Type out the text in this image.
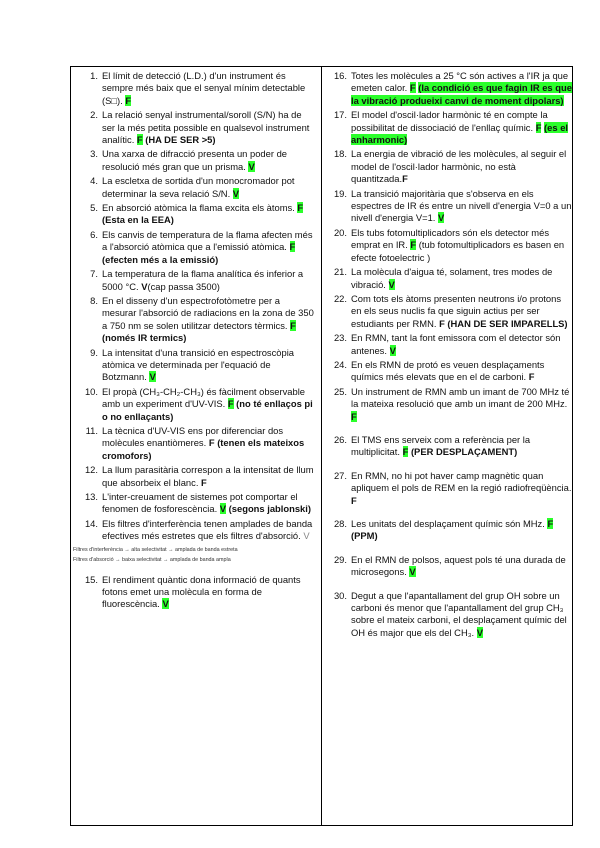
1. El límit de detecció (L.D.) d'un instrument és sempre més baix que el senyal mínim detectable (S□). F
2. La relació senyal instrumental/soroll (S/N) ha de ser la més petita possible en qualsevol instrument analític. F (HA DE SER >5)
3. Una xarxa de difracció presenta un poder de resolució més gran que un prisma. V
4. La escletxa de sortida d'un monocromador pot determinar la seva relació S/N. V
5. En absorció atòmica la flama excita els àtoms. F (Esta en la EEA)
6. Els canvis de temperatura de la flama afecten més a l'absorció atòmica que a l'emissió atòmica. F (efecten més a la emissió)
7. La temperatura de la flama analítica és inferior a 5000 °C. V(cap passa 3500)
8. En el disseny d'un espectrofotòmetre per a mesurar l'absorció de radiacions en la zona de 350 a 750 nm se solen utilitzar detectors tèrmics. F (només IR termics)
9. La intensitat d'una transició en espectroscòpia atòmica ve determinada per l'equació de Botzmann. V
10. El propà (CH₃-CH₂-CH₃) és fàcilment observable amb un experiment d'UV-VIS. F (no té enllaços pi o no enllaçants)
11. La tècnica d'UV-VIS ens por diferenciar dos molècules enantiòmeres. F (tenen els mateixos cromofors)
12. La llum parasitària correspon a la intensitat de llum que absorbeix el blanc. F
13. L'inter-creuament de sistemes pot comportar el fenomen de fosforescència. V (segons jablonski)
14. Els filtres d'interferència tenen amplades de banda efectives més estretes que els filtres d'absorció. V
Filtres d'interferència → alta selectivitat → amplada de banda estreta
Filtres d'absorció → baixa selectivitat → amplada de banda ampla
15. El rendiment quàntic dona informació de quants fotons emet una molècula en forma de fluorescència. V
16. Totes les molècules a 25 °C són actives a l'IR ja que emeten calor. F (la condició es que fagin IR es que la vibració produeixi canvi de moment dipolars)
17. El model d'oscil·lador harmònic té en compte la possibilitat de dissociació de l'enllaç químic. F (es el anharmonic)
18. La energia de vibració de les molècules, al seguir el model de l'oscil·lador harmònic, no està quantitzada.F
19. La transició majoritària que s'observa en els espectres de IR és entre un nivell d'energia V=0 a un nivell d'energia V=1. V
20. Els tubs fotomultiplicadors són els detector més emprat en IR. F (tub fotomultiplicadors es basen en efecte fotoelectric )
21. La molècula d'aigua té, solament, tres modes de vibració. V
22. Com tots els àtoms presenten neutrons i/o protons en els seus nuclis fa que siguin actius per ser estudiants per RMN. F (HAN DE SER IMPARELLS)
23. En RMN, tant la font emissora com el detector són antenes. V
24. En els RMN de protó es veuen desplaçaments químics més elevats que en el de carboni. F
25. Un instrument de RMN amb un imant de 700 MHz té la mateixa resolució que amb un imant de 200 MHz. F
26. El TMS ens serveix com a referència per la multiplicitat. F (PER DESPLAÇAMENT)
27. En RMN, no hi pot haver camp magnètic quan apliquem el pols de REM en la regió radiofreqüència. F
28. Les unitats del desplaçament químic són MHz. F (PPM)
29. En el RMN de polsos, aquest pols té una durada de microsegons. V
30. Degut a que l'apantallament del grup OH sobre un carboni és menor que l'apantallament del grup CH₃ sobre el mateix carboni, el desplaçament químic del OH és major que els del CH₃. V
